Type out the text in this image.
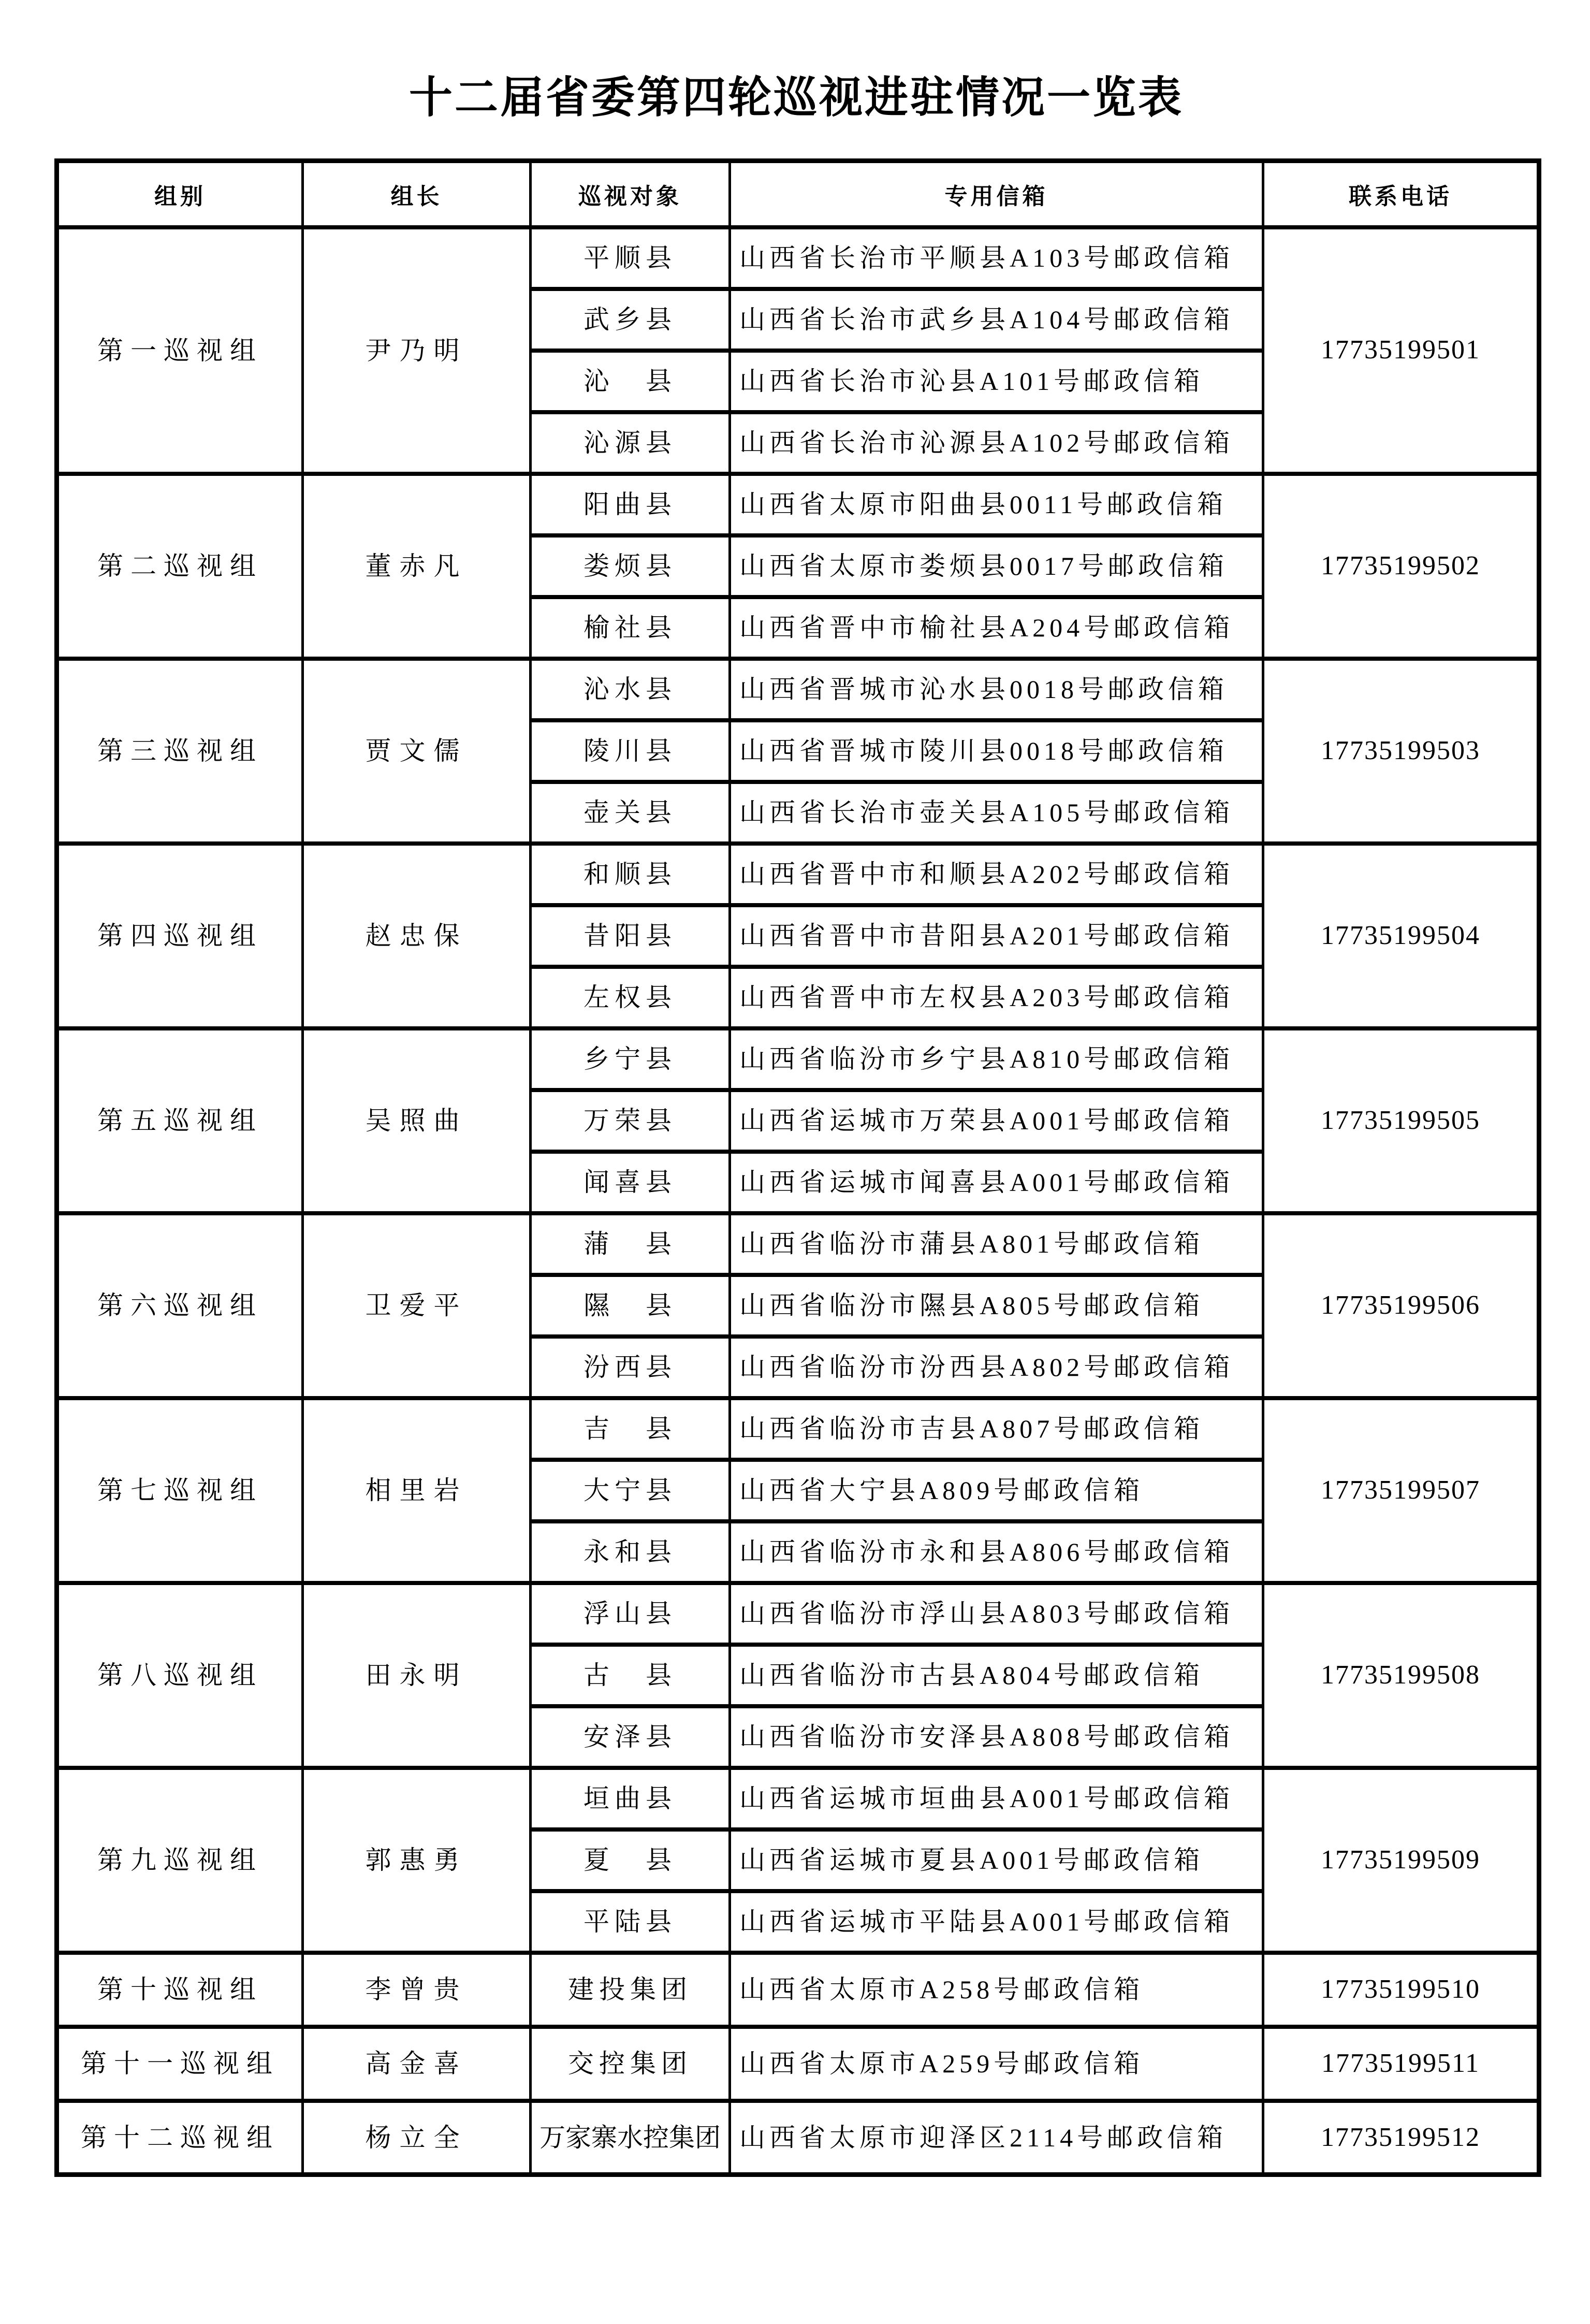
十二届省委第四轮巡视进驻情况一览表
组别	组长	巡视对象	专用信箱	联系电话
第一巡视组	尹乃明	平顺县	山西省长治市平顺县A103号邮政信箱	17735199501
		武乡县	山西省长治市武乡县A104号邮政信箱	
		沁　县	山西省长治市沁县A101号邮政信箱	
		沁源县	山西省长治市沁源县A102号邮政信箱	
第二巡视组	董赤凡	阳曲县	山西省太原市阳曲县0011号邮政信箱	17735199502
		娄烦县	山西省太原市娄烦县0017号邮政信箱	
		榆社县	山西省晋中市榆社县A204号邮政信箱	
第三巡视组	贾文儒	沁水县	山西省晋城市沁水县0018号邮政信箱	17735199503
		陵川县	山西省晋城市陵川县0018号邮政信箱	
		壶关县	山西省长治市壶关县A105号邮政信箱	
第四巡视组	赵忠保	和顺县	山西省晋中市和顺县A202号邮政信箱	17735199504
		昔阳县	山西省晋中市昔阳县A201号邮政信箱	
		左权县	山西省晋中市左权县A203号邮政信箱	
第五巡视组	吴照曲	乡宁县	山西省临汾市乡宁县A810号邮政信箱	17735199505
		万荣县	山西省运城市万荣县A001号邮政信箱	
		闻喜县	山西省运城市闻喜县A001号邮政信箱	
第六巡视组	卫爱平	蒲　县	山西省临汾市蒲县A801号邮政信箱	17735199506
		隰　县	山西省临汾市隰县A805号邮政信箱	
		汾西县	山西省临汾市汾西县A802号邮政信箱	
第七巡视组	相里岩	吉　县	山西省临汾市吉县A807号邮政信箱	17735199507
		大宁县	山西省大宁县A809号邮政信箱	
		永和县	山西省临汾市永和县A806号邮政信箱	
第八巡视组	田永明	浮山县	山西省临汾市浮山县A803号邮政信箱	17735199508
		古　县	山西省临汾市古县A804号邮政信箱	
		安泽县	山西省临汾市安泽县A808号邮政信箱	
第九巡视组	郭惠勇	垣曲县	山西省运城市垣曲县A001号邮政信箱	17735199509
		夏　县	山西省运城市夏县A001号邮政信箱	
		平陆县	山西省运城市平陆县A001号邮政信箱	
第十巡视组	李曾贵	建投集团	山西省太原市A258号邮政信箱	17735199510
第十一巡视组	高金喜	交控集团	山西省太原市A259号邮政信箱	17735199511
第十二巡视组	杨立全	万家寨水控集团	山西省太原市迎泽区2114号邮政信箱	17735199512
